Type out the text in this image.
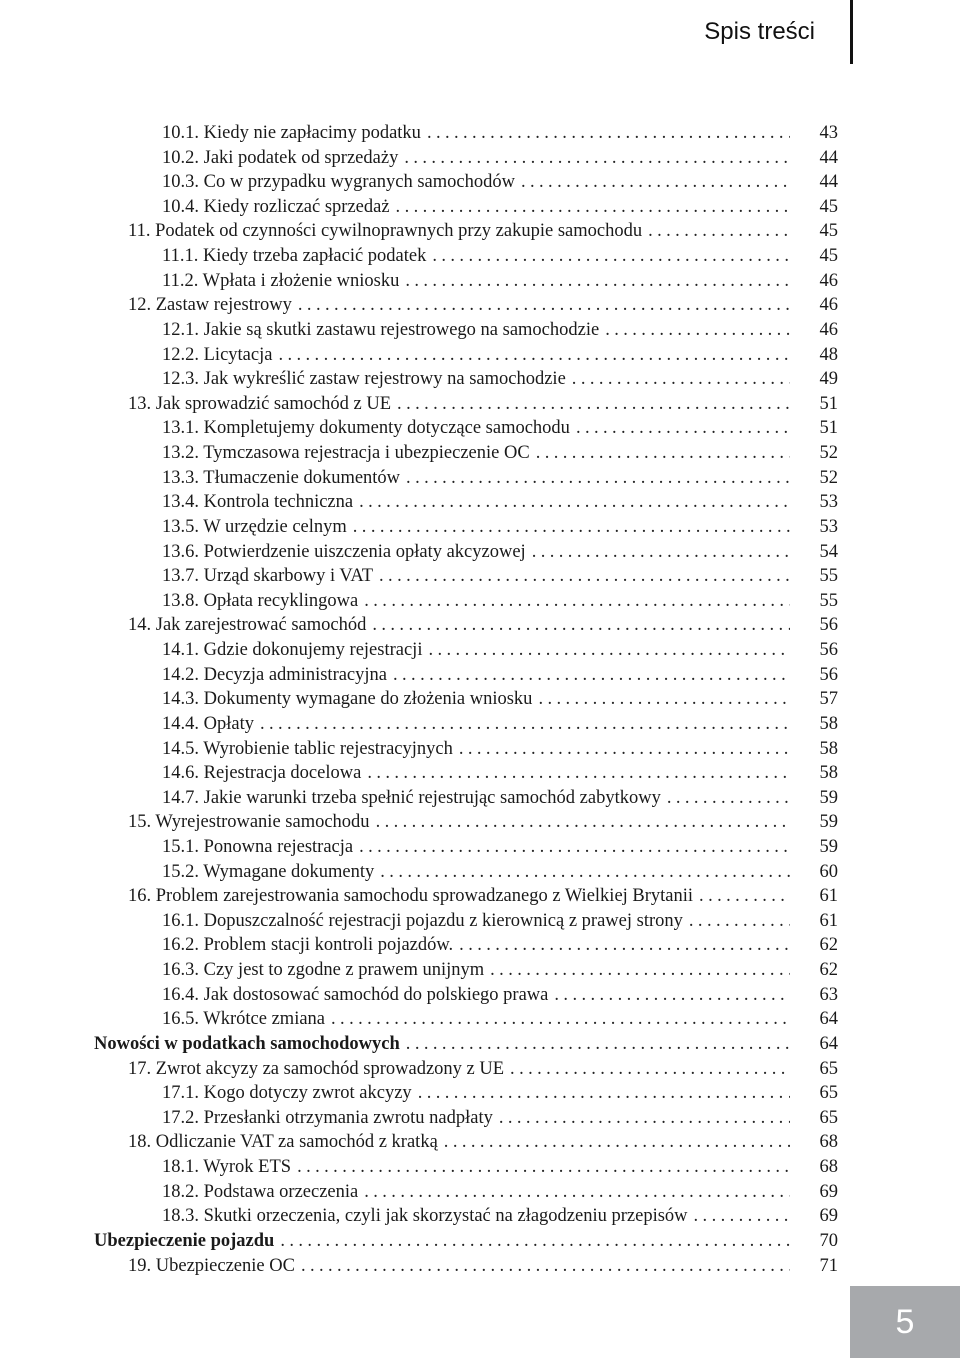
Spis treści
10.1. Kiedy nie zapłacimy podatku .....	43
10.2. Jaki podatek od sprzedaży .....	44
10.3. Co w przypadku wygranych samochodów .....	44
10.4. Kiedy rozliczać sprzedaż .....	45
11. Podatek od czynności cywilnoprawnych przy zakupie samochodu .....	45
11.1. Kiedy trzeba zapłacić podatek .....	45
11.2. Wpłata i złożenie wniosku .....	46
12. Zastaw rejestrowy .....	46
12.1. Jakie są skutki zastawu rejestrowego na samochodzie .....	46
12.2. Licytacja .....	48
12.3. Jak wykreślić zastaw rejestrowy na samochodzie .....	49
13. Jak sprowadzić samochód z UE .....	51
13.1. Kompletujemy dokumenty dotyczące samochodu .....	51
13.2. Tymczasowa rejestracja i ubezpieczenie OC .....	52
13.3. Tłumaczenie dokumentów .....	52
13.4. Kontrola techniczna .....	53
13.5. W urzędzie celnym .....	53
13.6. Potwierdzenie uiszczenia opłaty akcyzowej .....	54
13.7. Urząd skarbowy i VAT .....	55
13.8. Opłata recyklingowa .....	55
14. Jak zarejestrować samochód .....	56
14.1. Gdzie dokonujemy rejestracji .....	56
14.2. Decyzja administracyjna .....	56
14.3. Dokumenty wymagane do złożenia wniosku .....	57
14.4. Opłaty .....	58
14.5. Wyrobienie tablic rejestracyjnych .....	58
14.6. Rejestracja docelowa .....	58
14.7. Jakie warunki trzeba spełnić rejestrując samochód zabytkowy .....	59
15. Wyrejestrowanie samochodu .....	59
15.1. Ponowna rejestracja .....	59
15.2. Wymagane dokumenty .....	60
16. Problem zarejestrowania samochodu sprowadzanego z Wielkiej Brytanii .....	61
16.1. Dopuszczalność rejestracji pojazdu z kierownicą z prawej strony .....	61
16.2. Problem stacji kontroli pojazdów. .....	62
16.3. Czy jest to zgodne z prawem unijnym .....	62
16.4. Jak dostosować samochód do polskiego prawa .....	63
16.5. Wkrótce zmiana .....	64
Nowości w podatkach samochodowych .....	64
17. Zwrot akcyzy za samochód sprowadzony z UE .....	65
17.1. Kogo dotyczy zwrot akcyzy .....	65
17.2. Przesłanki otrzymania zwrotu nadpłaty .....	65
18. Odliczanie VAT za samochód z kratką .....	68
18.1. Wyrok ETS .....	68
18.2. Podstawa orzeczenia .....	69
18.3. Skutki orzeczenia, czyli jak skorzystać na złagodzeniu przepisów .....	69
Ubezpieczenie pojazdu .....	70
19. Ubezpieczenie OC .....	71
5
